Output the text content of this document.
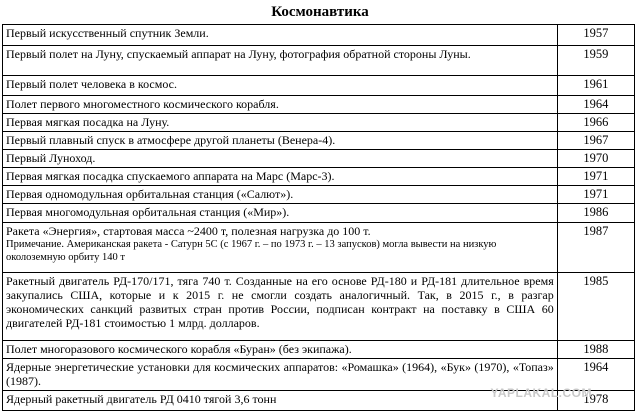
Космонавтика
Первый искусственный спутник Земли.	1957
Первый полет на Луну, спускаемый аппарат на Луну, фотография обратной стороны Луны.	1959
Первый полет человека в космос.	1961
Полет первого многоместного космического корабля.	1964
Первая мягкая посадка на Луну.	1966
Первый плавный спуск в атмосфере другой планеты (Венера-4).	1967
Первый Луноход.	1970
Первая мягкая посадка спускаемого аппарата на Марс (Марс-3).	1971
Первая одномодульная орбитальная станция («Салют»).	1971
Первая многомодульная орбитальная станция («Мир»).	1986
Ракета «Энергия», стартовая масса ~2400 т, полезная нагрузка до 100 т.
Примечание. Американская ракета - Сатурн 5С (с 1967 г. – по 1973 г. – 13 запусков) могла вывести на низкую околоземную орбиту 140 т	1987
Ракетный двигатель РД-170/171, тяга 740 т. Созданные на его основе РД-180 и РД-181 длительное время закупались США, которые и к 2015 г. не смогли создать аналогичный. Так, в 2015 г., в разгар экономических санкций развитых стран против России, подписан контракт на поставку в США 60 двигателей РД-181 стоимостью 1 млрд. долларов.	1985
Полет многоразового космического корабля «Буран» (без экипажа).	1988
Ядерные энергетические установки для космических аппаратов: «Ромашка» (1964), «Бук» (1970), «Топаз» (1987).	1964
Ядерный ракетный двигатель РД 0410 тягой 3,6 тонн	1978
YAPLAKAL.COM
